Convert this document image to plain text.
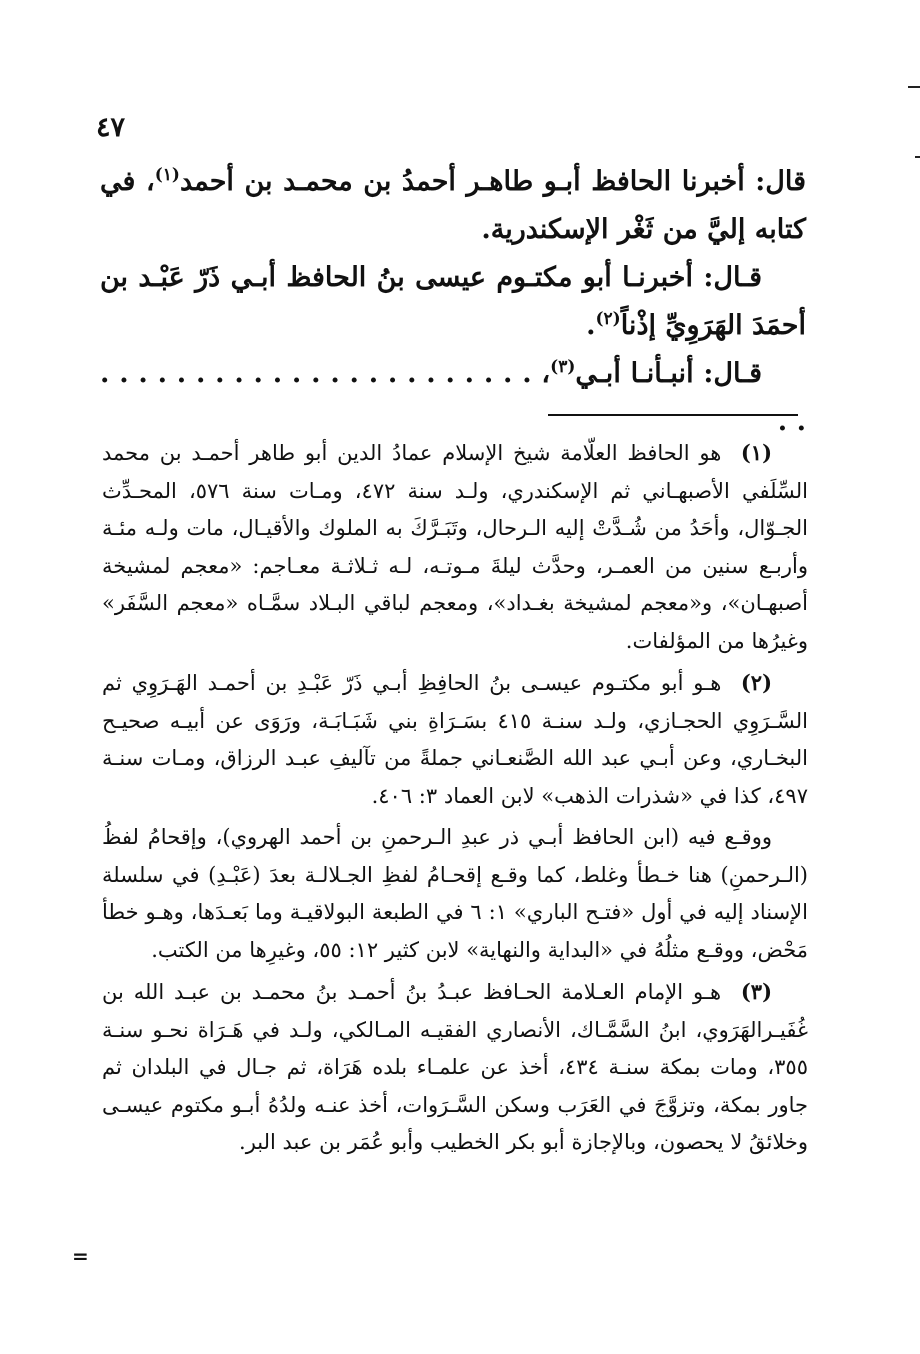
٤٧

قال: أخبرنا الحافظ أبـو طاهـر أحمدُ بن محمـد بن أحمد$^{(١)}$، في كتابه إليَّ من ثَغْر الإسكندرية.

قـال: أخبرنـا أبو مكتـوم عيسى بنُ الحافظ أبـي ذَرّ عَبْـد بن أحمَدَ الهَرَوِيِّ إذْناً$^{(٢)}$.

قـال: أنبـأنـا أبـي$^{(٣)}$، . . . . . . . . . . . . . . . . . . . . . . . . .

(١)  هو الحافظ العلّامة شيخ الإسلام عمادُ الدين أبو طاهر أحمـد بن محمد السِّلَفي الأصبهـاني ثم الإسكندري، ولـد سنة ٤٧٢، ومـات سنة ٥٧٦، المحـدِّث الجـوّال، وأحَدُ من شُـدَّتْ إليه الـرحال، وتَبَـرَّكَ به الملوك والأقيـال، مات ولـه مئـة وأربـع سنين من العمـر، وحدَّث ليلةَ مـوتـه، لـه ثـلاثـة معـاجم: «معجم لمشيخة أصبهـان»، و«معجم لمشيخة بغـداد»، ومعجم لباقي البـلاد سمَّـاه «معجم السَّفَر» وغيرُها من المؤلفات.

(٢)  هـو أبو مكتـوم عيسـى بنُ الحافِظِ أبـي ذَرّ عَبْـدِ بن أحمـد الهَـرَوِي ثم السَّـرَوِي الحجـازي، ولـد سنـة ٤١٥ بسَـرَاةِ بني شَبَـابَـة، ورَوَى عن أبيـه صحيـح البخـاري، وعن أبـي عبد الله الصَّنعـاني جملةً من تآليفِ عبـد الرزاق، ومـات سنـة ٤٩٧، كذا في «شذرات الذهب» لابن العماد ٣: ٤٠٦.

ووقـع فيه (ابن الحافظ أبـي ذر عبدِ الـرحمنِ بن أحمد الهروي)، وإقحامُ لفظُ (الـرحمنِ) هنا خـطأ وغلط، كما وقـع إقحـامُ لفظِ الجـلالـة بعدَ (عَبْـدِ) في سلسلة الإسناد إليه في أول «فتـح الباري» ١: ٦ في الطبعة البولاقيـة وما بَعـدَها، وهـو خطأ مَحْض، ووقـع مثلُهُ في «البداية والنهاية» لابن كثير ١٢: ٥٥، وغيرِها من الكتب.

(٣)  هـو الإمام العـلامة الحـافظ عبـدُ بنُ أحمـد بنُ محمـد بن عبـد الله بن غُفَيـرالهَرَوي، ابنُ السَّمَّـاك، الأنصاري الفقيـه المـالكي، ولـد في هَـرَاة نحـو سنـة ٣٥٥، ومات بمكة سنـة ٤٣٤، أخذ عن علمـاء بلده هَرَاة، ثم جـال في البلدان ثم جاور بمكة، وتزوَّجَ في العَرَب وسكن السَّـرَوات، أخذ عنـه ولدُهُ أبـو مكتوم عيسـى وخلائقُ لا يحصون، وبالإجازة أبو بكر الخطيب وأبو عُمَر بن عبد البر.

=
